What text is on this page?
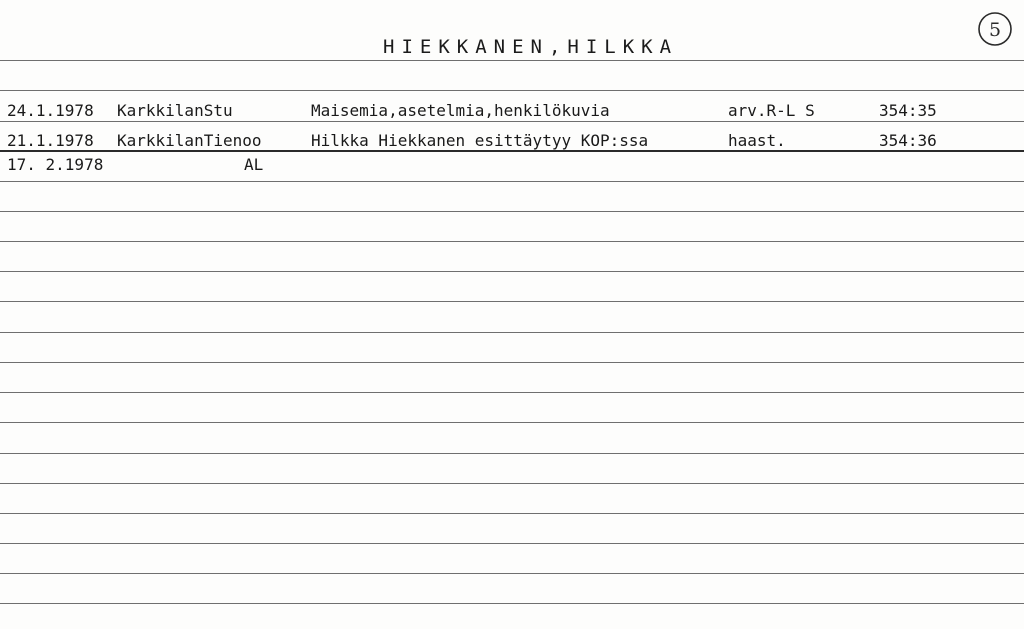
HIEKKANEN,HILKKA
5
24.1.1978 KarkkilanStu	Maisemia,asetelmia,henkilökuvia	arv.R-L S	354:35
21.1.1978 KarkkilanTienoo	Hilkka Hiekkanen esittäytyy KOP:ssa	haast.	354:36
17. 2.1978	AL
